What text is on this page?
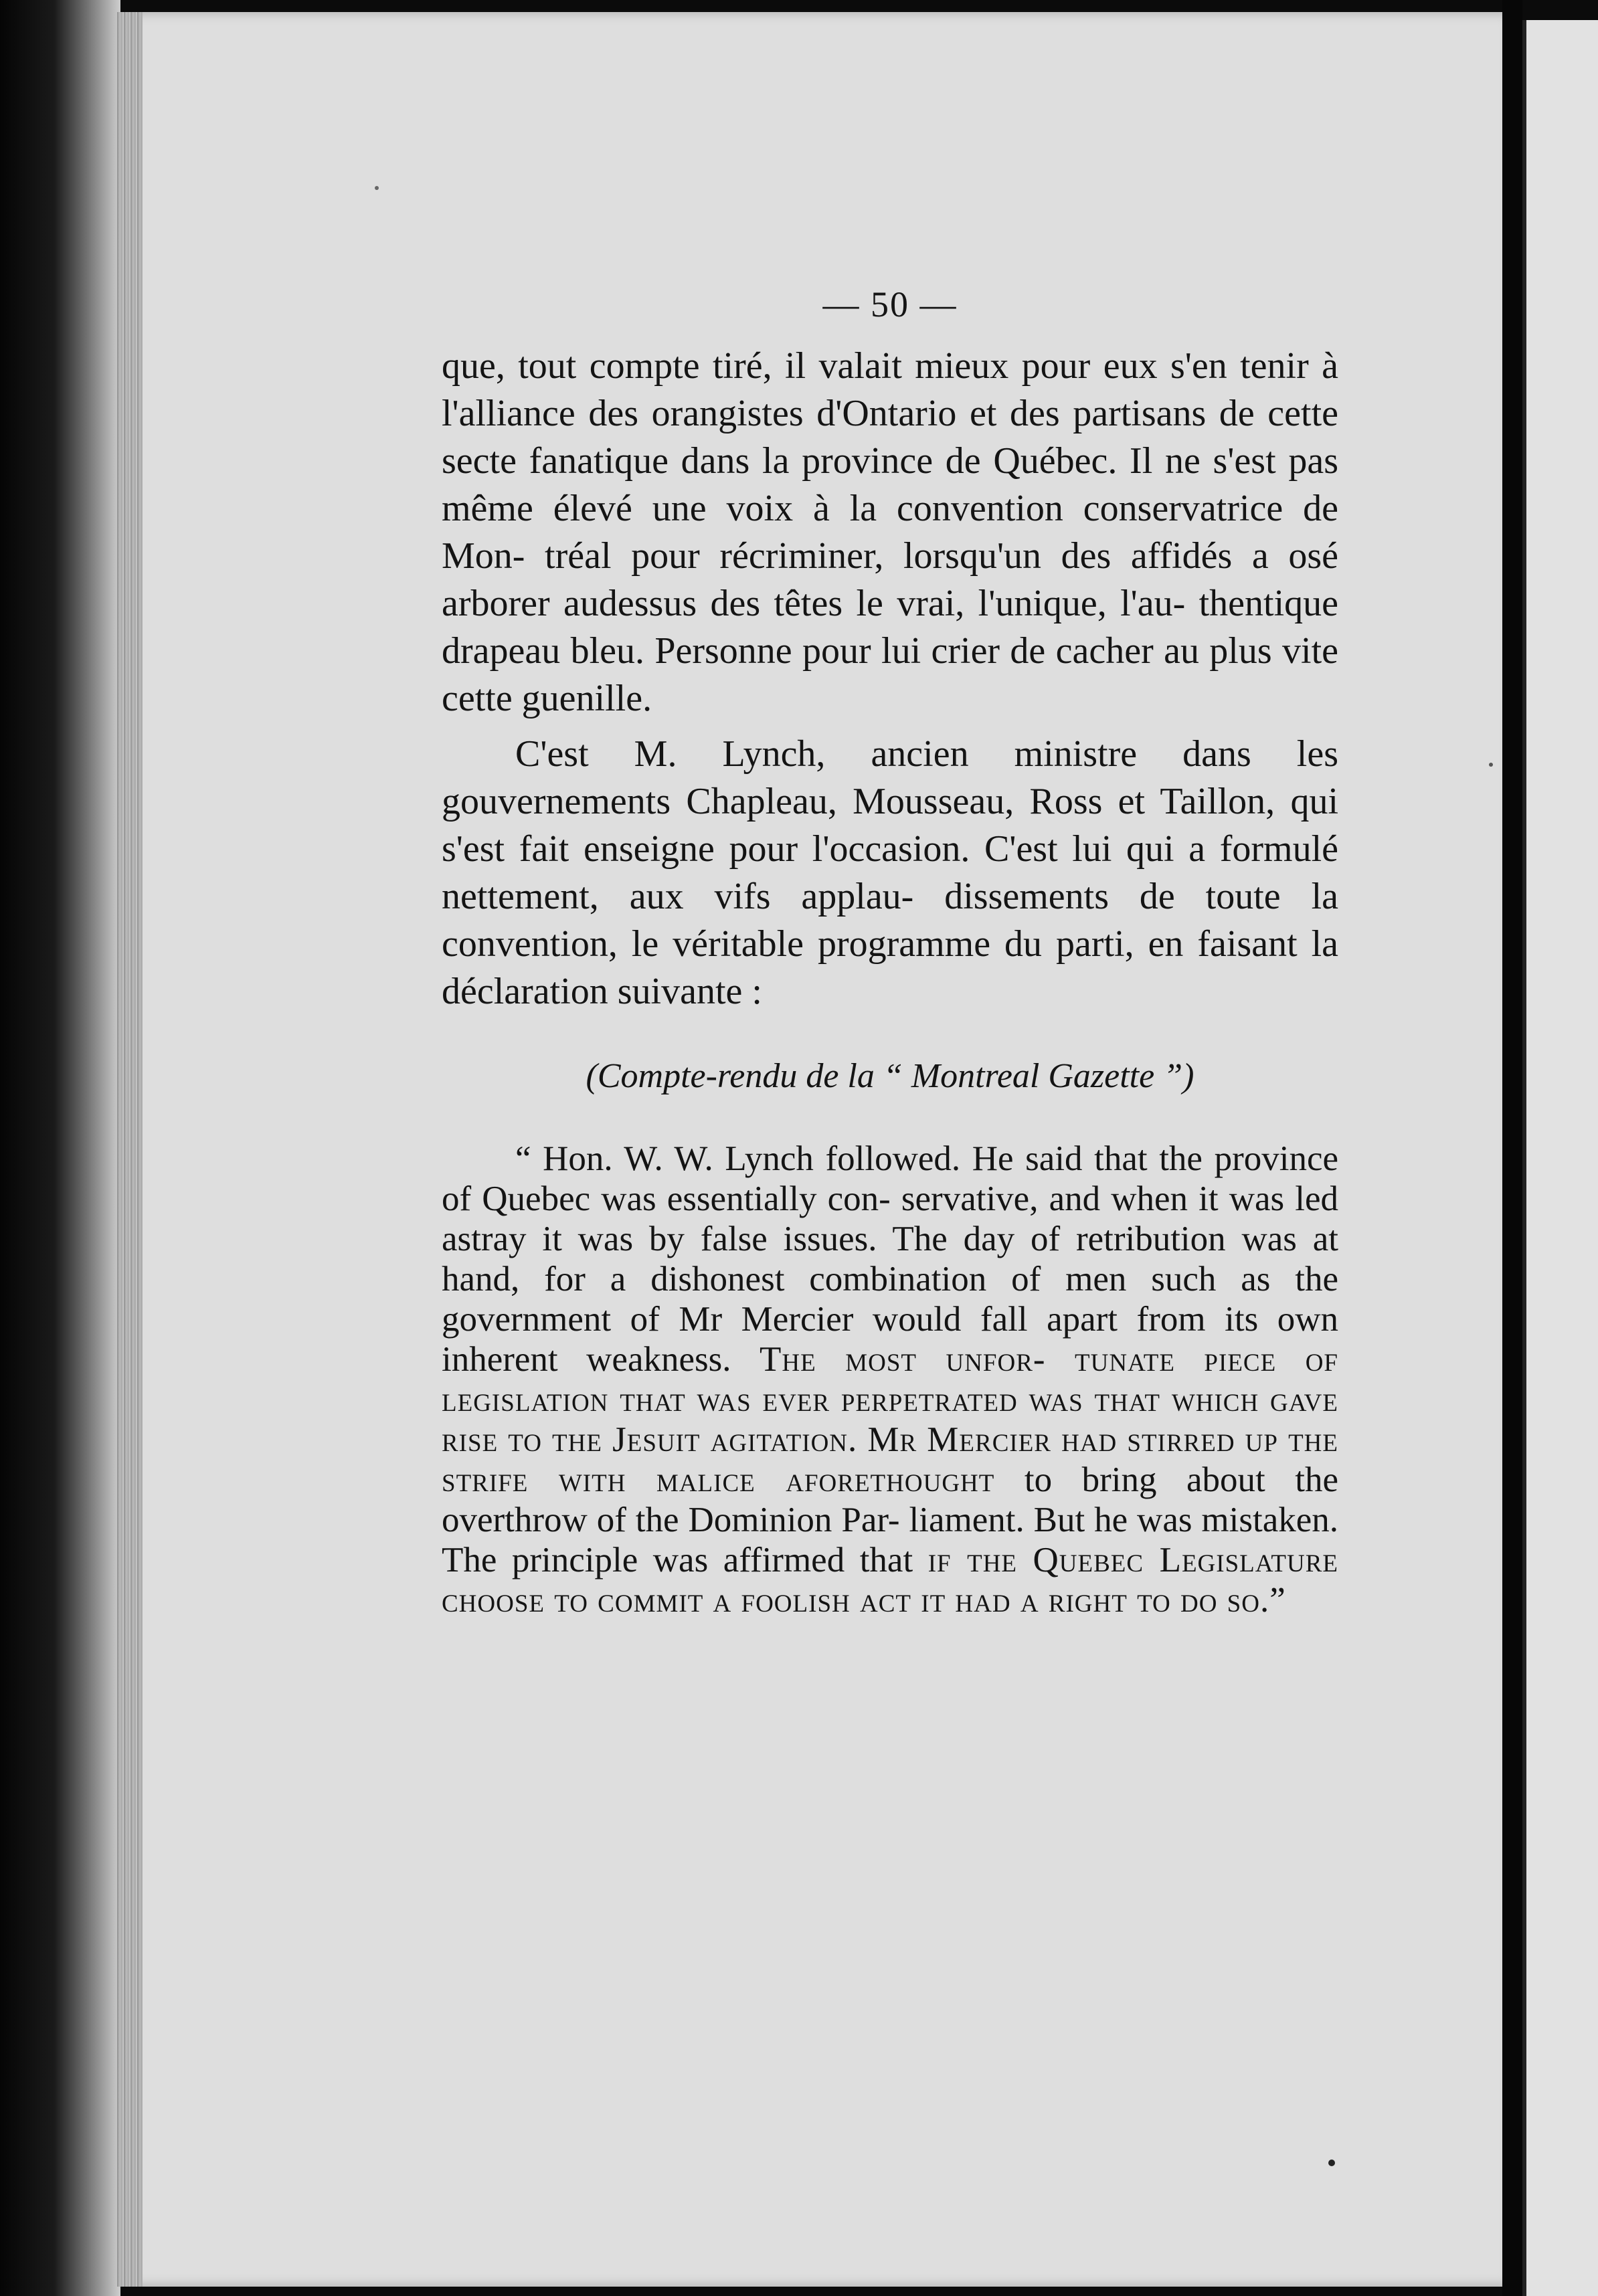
— 50 —

que, tout compte tiré, il valait mieux pour eux s'en tenir à l'alliance des orangistes d'Ontario et des partisans de cette secte fanatique dans la province de Québec. Il ne s'est pas même élevé une voix à la convention conservatrice de Mon- tréal pour récriminer, lorsqu'un des affidés a osé arborer audessus des têtes le vrai, l'unique, l'au- thentique drapeau bleu. Personne pour lui crier de cacher au plus vite cette guenille.

C'est M. Lynch, ancien ministre dans les gouvernements Chapleau, Mousseau, Ross et Taillon, qui s'est fait enseigne pour l'occasion. C'est lui qui a formulé nettement, aux vifs applau- dissements de toute la convention, le véritable programme du parti, en faisant la déclaration suivante :

(Compte-rendu de la “ Montreal Gazette ”)

“ Hon. W. W. Lynch followed. He said that the province of Quebec was essentially con- servative, and when it was led astray it was by false issues. The day of retribution was at hand, for a dishonest combination of men such as the government of Mr Mercier would fall apart from its own inherent weakness. The most unfor- tunate piece of legislation that was ever perpetrated was that which gave rise to the Jesuit agitation. Mr Mercier had stirred up the strife with malice aforethought to bring about the overthrow of the Dominion Par- liament. But he was mistaken. The principle was affirmed that if the Quebec Legislature choose to commit a foolish act it had a right to do so.”
